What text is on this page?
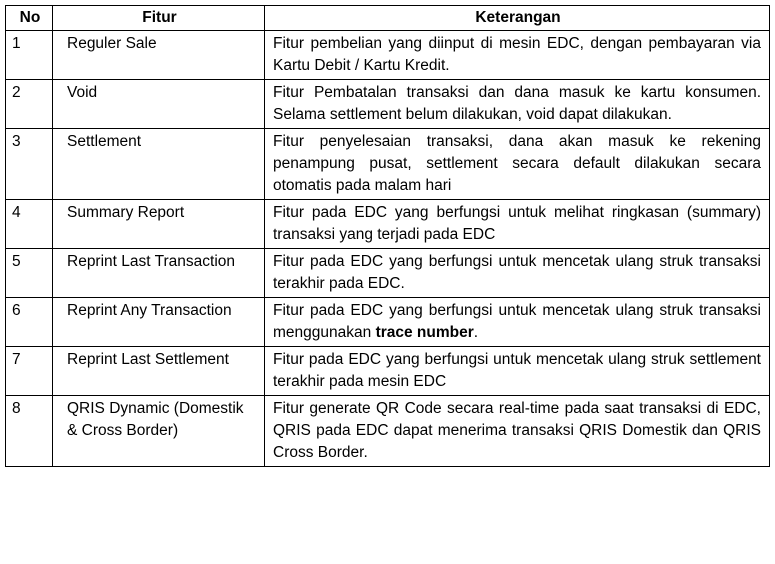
No	Fitur	Keterangan
1	Reguler Sale	Fitur pembelian yang diinput di mesin EDC, dengan pembayaran via Kartu Debit / Kartu Kredit.
2	Void	Fitur Pembatalan transaksi dan dana masuk ke kartu konsumen. Selama settlement belum dilakukan, void dapat dilakukan.
3	Settlement	Fitur penyelesaian transaksi, dana akan masuk ke rekening penampung pusat, settlement secara default dilakukan secara otomatis pada malam hari
4	Summary Report	Fitur pada EDC yang berfungsi untuk melihat ringkasan (summary) transaksi yang terjadi pada EDC
5	Reprint Last Transaction	Fitur pada EDC yang berfungsi untuk mencetak ulang struk transaksi terakhir pada EDC.
6	Reprint Any Transaction	Fitur pada EDC yang berfungsi untuk mencetak ulang struk transaksi menggunakan trace number.
7	Reprint Last Settlement	Fitur pada EDC yang berfungsi untuk mencetak ulang struk settlement terakhir pada mesin EDC
8	QRIS Dynamic (Domestik & Cross Border)	Fitur generate QR Code secara real-time pada saat transaksi di EDC, QRIS pada EDC dapat menerima transaksi QRIS Domestik dan QRIS Cross Border.
